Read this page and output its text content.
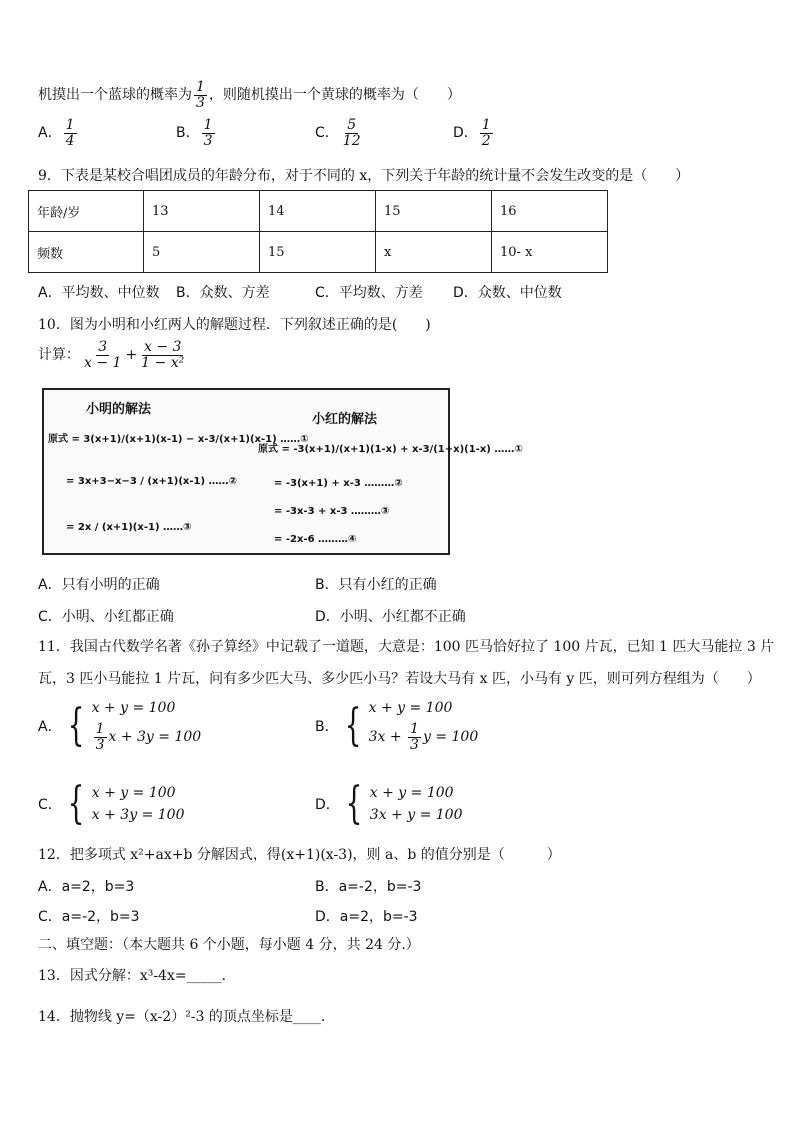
机摸出一个蓝球的概率为 $\frac{1}{3}$ ，则随机摸出一个黄球的概率为（　　）
A． $\frac{1}{4}$	B． $\frac{1}{3}$	C． $\frac{5}{12}$	D． $\frac{1}{2}$
9．下表是某校合唱团成员的年龄分布，对于不同的 x，下列关于年龄的统计量不会发生改变的是（　　）
年龄/岁	13	14	15	16
频数	5	15	x	10- x
A．平均数、中位数 B．众数、方差	C．平均数、方差 D．众数、中位数
10．图为小明和小红两人的解题过程．下列叙述正确的是(　　)
计算： $\frac{3}{x - 1} + \frac{x - 3}{\text{1 − x²}}$
小明的解法
小红的解法
原式 = 3(x+1)/(x+1)(x-1) − x-3/(x+1)(x-1) ……①
= 3x+3−x−3 / (x+1)(x-1) ……②
= 2x / (x+1)(x-1) ……③
原式 = -3(x+1)/(x+1)(1-x) + x-3/(1+x)(1-x) ……①
= -3(x+1) + x-3 ………②
= -3x-3 + x-3 ………③
= -2x-6 ………④
A．只有小明的正确	B．只有小红的正确
C．小明、小红都正确	D．小明、小红都不正确
11．我国古代数学名著《孙子算经》中记载了一道题，大意是：100 匹马恰好拉了 100 片瓦，已知 1 匹大马能拉 3 片
瓦，3 匹小马能拉 1 片瓦，问有多少匹大马、多少匹小马？若设大马有 x 匹，小马有 y 匹，则可列方程组为（　　）
A． { x + y = 100
$\frac{1}{3}$ x + 3y = 100
B． { x + y = 100
$3x + \frac{1}{3}$ y = 100
C． { x + y = 100
x + 3y = 100
D． { x + y = 100
3x + y = 100
12．把多项式 x²+ax+b 分解因式，得(x+1)(x-3)，则 a、b 的值分别是（　　　）
A．a=2，b=3	B．a=-2，b=-3
C．a=-2，b=3	D．a=2，b=-3
二、填空题：（本大题共 6 个小题，每小题 4 分，共 24 分.）
13．因式分解：x³-4x=_____．
14．抛物线 y=（x-2）²-3 的顶点坐标是____．
